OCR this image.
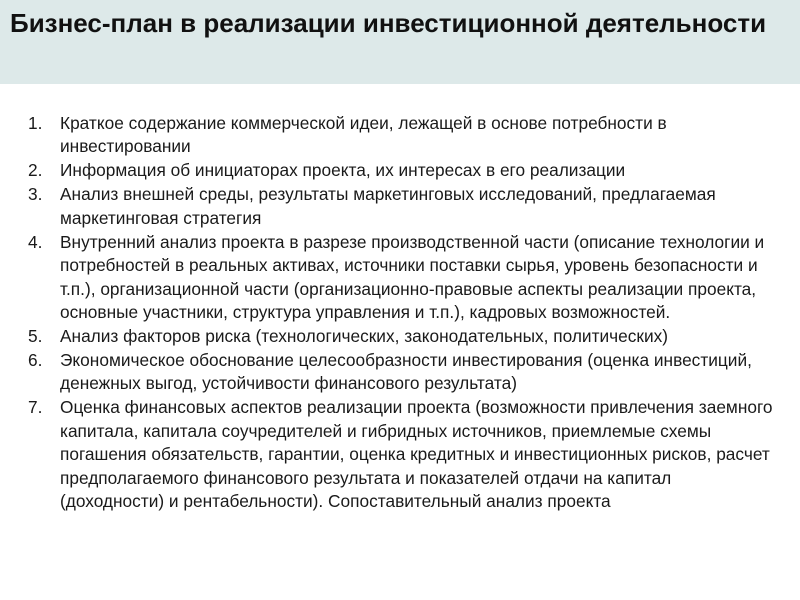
Бизнес-план в реализации инвестиционной деятельности
1.	Краткое содержание коммерческой идеи, лежащей в основе потребности в инвестировании
2.	Информация об инициаторах проекта, их интересах в его реализации
3.	Анализ внешней среды, результаты маркетинговых исследований, предлагаемая маркетинговая стратегия
4.	Внутренний анализ проекта в разрезе производственной части (описание технологии и потребностей в реальных активах, источники поставки сырья, уровень безопасности и т.п.), организационной части (организационно-правовые аспекты реализации проекта, основные участники, структура управления и т.п.), кадровых возможностей.
5.	Анализ факторов риска (технологических, законодательных, политических)
6.	Экономическое обоснование целесообразности инвестирования (оценка инвестиций, денежных выгод, устойчивости финансового результата)
7.	Оценка финансовых аспектов реализации проекта (возможности привлечения заемного капитала, капитала соучредителей и гибридных источников, приемлемые схемы погашения обязательств, гарантии, оценка кредитных и инвестиционных рисков, расчет предполагаемого финансового результата и показателей отдачи на капитал (доходности) и рентабельности). Сопоставительный анализ проекта
